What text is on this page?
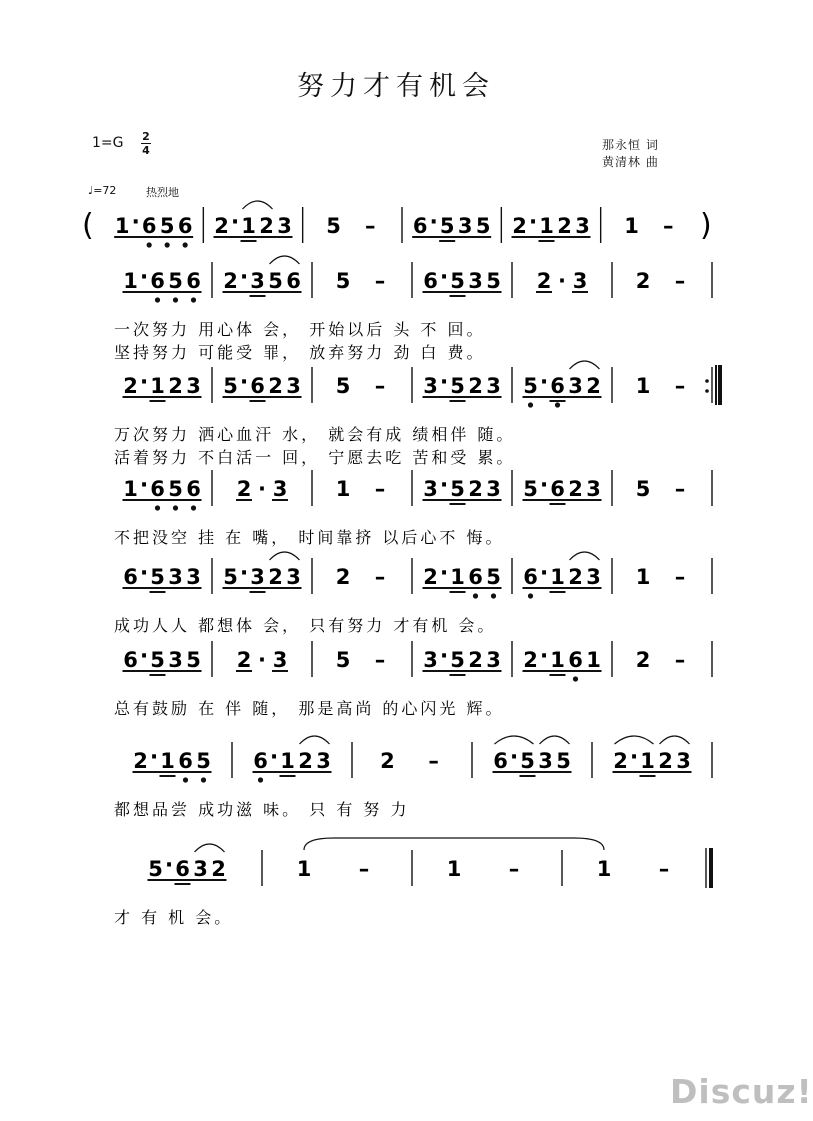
努力才有机会
1=G 2
4	那永恒 词
黄清林 曲
♩=72	热烈地
(	)
1 · 6 5 6 2 · 1 2 3 5 – 6 · 5 3 5 2 · 1 2 3 1 –
1 · 6 5 6 2 · 3 5 6 5 – 6 · 5 3 5 2 · 3 2 –
一次努力 用心体 会， 开始以后 头 不 回。
坚持努力 可能受 罪， 放弃努力 劲 白 费。
2 · 1 2 3 5 · 6 2 3 5 – 3 · 5 2 3 5 · 6 3 2 1 –
万次努力 洒心血汗 水， 就会有成 绩相伴 随。
活着努力 不白活一 回， 宁愿去吃 苦和受 累。
1 · 6 5 6 2 · 3 1 – 3 · 5 2 3 5 · 6 2 3 5 –
不把没空 挂 在 嘴， 时间靠挤 以后心不 悔。
6 · 5 3 3 5 · 3 2 3 2 – 2 · 1 6 5 6 · 1 2 3 1 –
成功人人 都想体 会， 只有努力 才有机 会。
6 · 5 3 5 2 · 3 5 – 3 · 5 2 3 2 · 1 6 1 2 –
总有鼓励 在 伴 随， 那是高尚 的心闪光 辉。
2 · 1 6 5 6 · 1 2 3 2 –	6 · 5 3 5 2 · 1 2 3
都想品尝 成功滋 味。 只 有 努 力
5 · 6 3 2	1 –	1 –	1 –
才 有 机 会。
Discuz!
